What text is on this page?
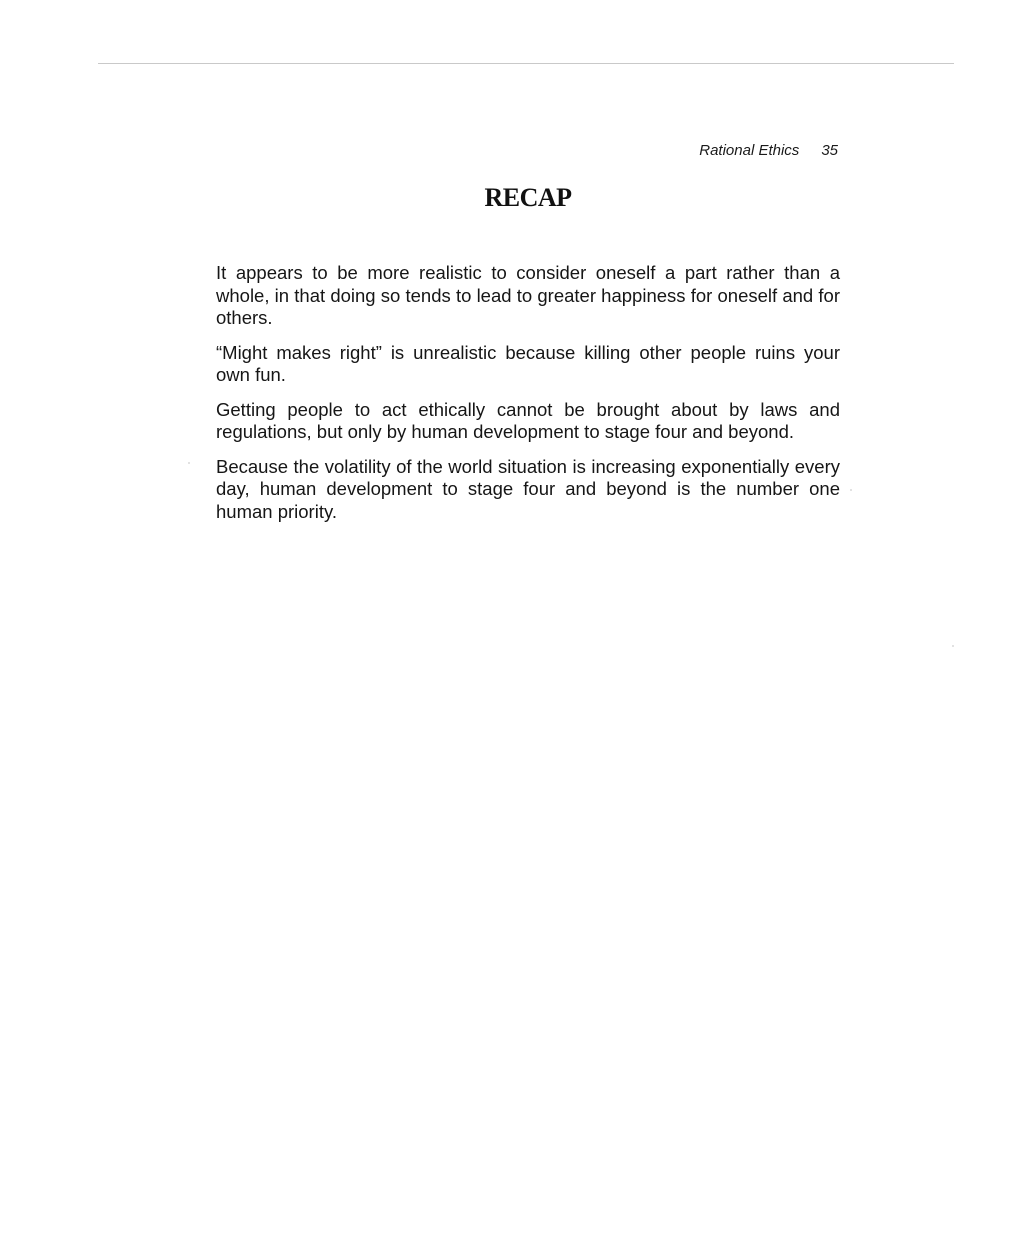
Rational Ethics 35
RECAP

It appears to be more realistic to consider oneself a part rather than a whole, in that doing so tends to lead to greater happiness for oneself and for others.

“Might makes right” is unrealistic because killing other people ruins your own fun.

Getting people to act ethically cannot be brought about by laws and regulations, but only by human development to stage four and beyond.

Because the volatility of the world situation is increasing exponentially every day, human development to stage four and beyond is the number one human priority.
